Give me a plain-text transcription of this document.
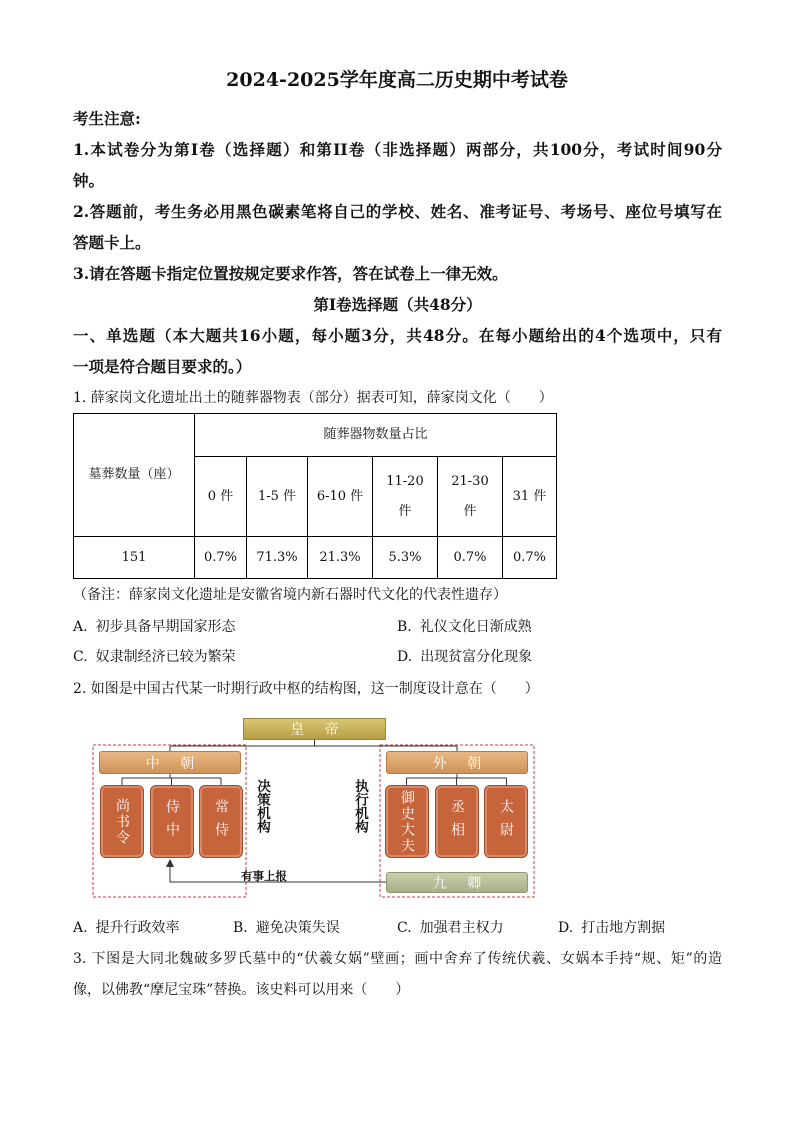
2024-2025学年度高二历史期中考试卷
考生注意:
1.本试卷分为第I卷（选择题）和第II卷（非选择题）两部分，共100分，考试时间90分
钟。
2.答题前，考生务必用黑色碳素笔将自己的学校、姓名、准考证号、考场号、座位号填写在
答题卡上。
3.请在答题卡指定位置按规定要求作答，答在试卷上一律无效。
第I卷选择题（共48分）
一、单选题（本大题共16小题，每小题3分，共48分。在每小题给出的4个选项中，只有
一项是符合题目要求的。）
1. 薛家岗文化遗址出土的随葬器物表（部分）据表可知，薛家岗文化（　　）
墓葬数量（座）	随葬器物数量占比					
	0 件	1-5 件	6-10 件	11-20 件	21-30 件	31 件
151	0.7%	71.3%	21.3%	5.3%	0.7%	0.7%
（备注：薛家岗文化遗址是安徽省境内新石器时代文化的代表性遗存）
A. 初步具备早期国家形态	B. 礼仪文化日渐成熟
C. 奴隶制经济已较为繁荣	D. 出现贫富分化现象
2. 如图是中国古代某一时期行政中枢的结构图，这一制度设计意在（　　）
皇 帝
中 朝
尚书令	侍中	常侍	决策机构	执行机构
外 朝
御史大夫	丞相	太尉
九 卿
有事上报
A. 提升行政效率	B. 避免决策失误	C. 加强君主权力	D. 打击地方割据
3. 下图是大同北魏破多罗氏墓中的“伏羲女娲”壁画；画中舍弃了传统伏羲、女娲本手持“规、矩”的造
像，以佛教“摩尼宝珠”替换。该史料可以用来（　　）
